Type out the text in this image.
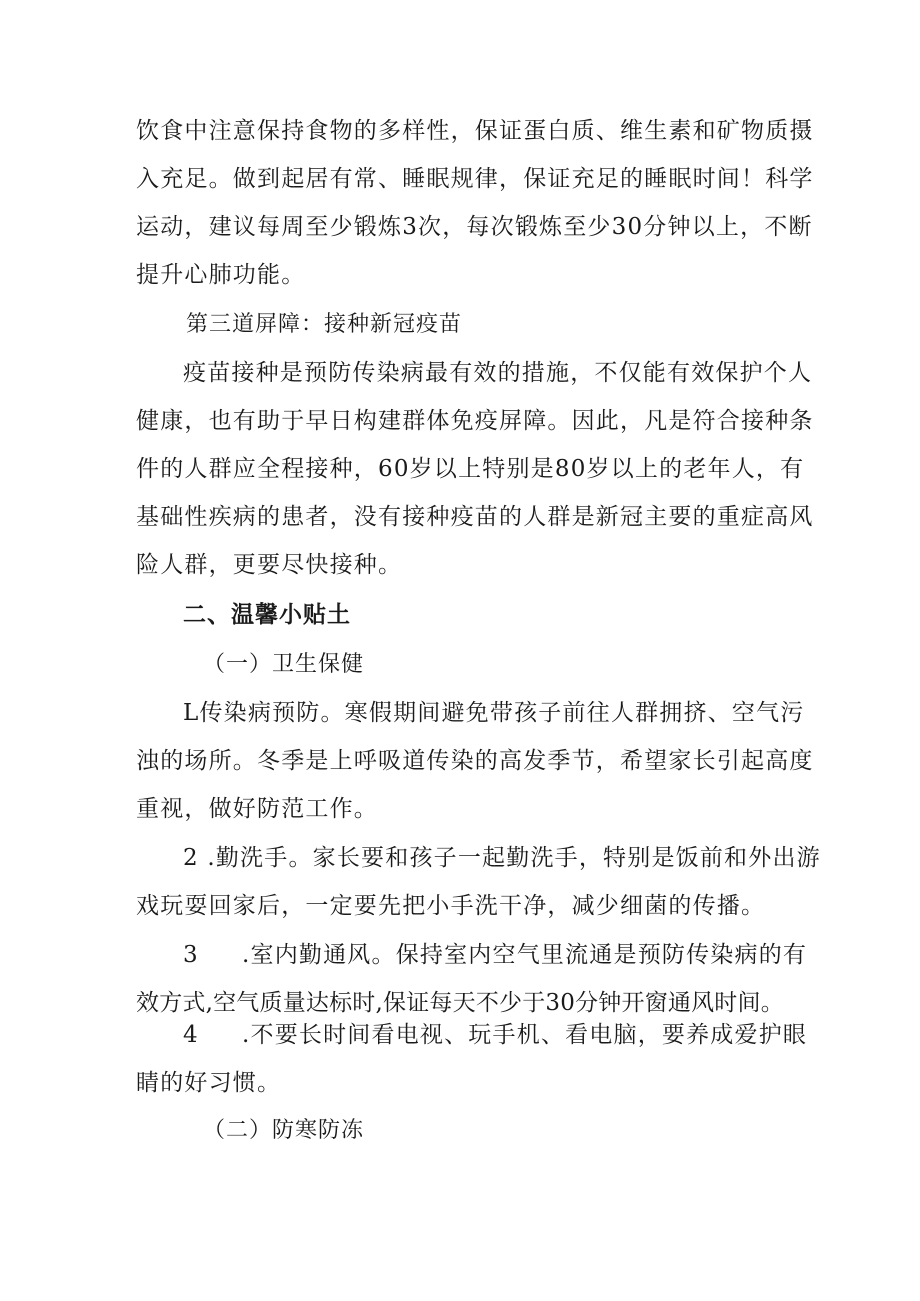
饮食中注意保持食物的多样性，保证蛋白质、维生素和矿物质摄
入充足。做到起居有常、睡眠规律，保证充足的睡眠时间！科学
运动，建议每周至少锻炼3次，每次锻炼至少30分钟以上，不断
提升心肺功能。
第三道屏障：接种新冠疫苗
疫苗接种是预防传染病最有效的措施，不仅能有效保护个人
健康，也有助于早日构建群体免疫屏障。因此，凡是符合接种条
件的人群应全程接种，60岁以上特别是80岁以上的老年人，有
基础性疾病的患者，没有接种疫苗的人群是新冠主要的重症高风
险人群，更要尽快接种。
二、温馨小贴土
（一）卫生保健
L传染病预防。寒假期间避免带孩子前往人群拥挤、空气污
浊的场所。冬季是上呼吸道传染的高发季节，希望家长引起高度
重视，做好防范工作。
2 .勤洗手。家长要和孩子一起勤洗手，特别是饭前和外出游
戏玩耍回家后，一定要先把小手洗干净，减少细菌的传播。
3	.室内勤通风。保持室内空气里流通是预防传染病的有
效方式,空气质量达标时,保证每天不少于30分钟开窗通风时间。
4	.不要长时间看电视、玩手机、看电脑，要养成爱护眼
睛的好习惯。
（二）防寒防冻
